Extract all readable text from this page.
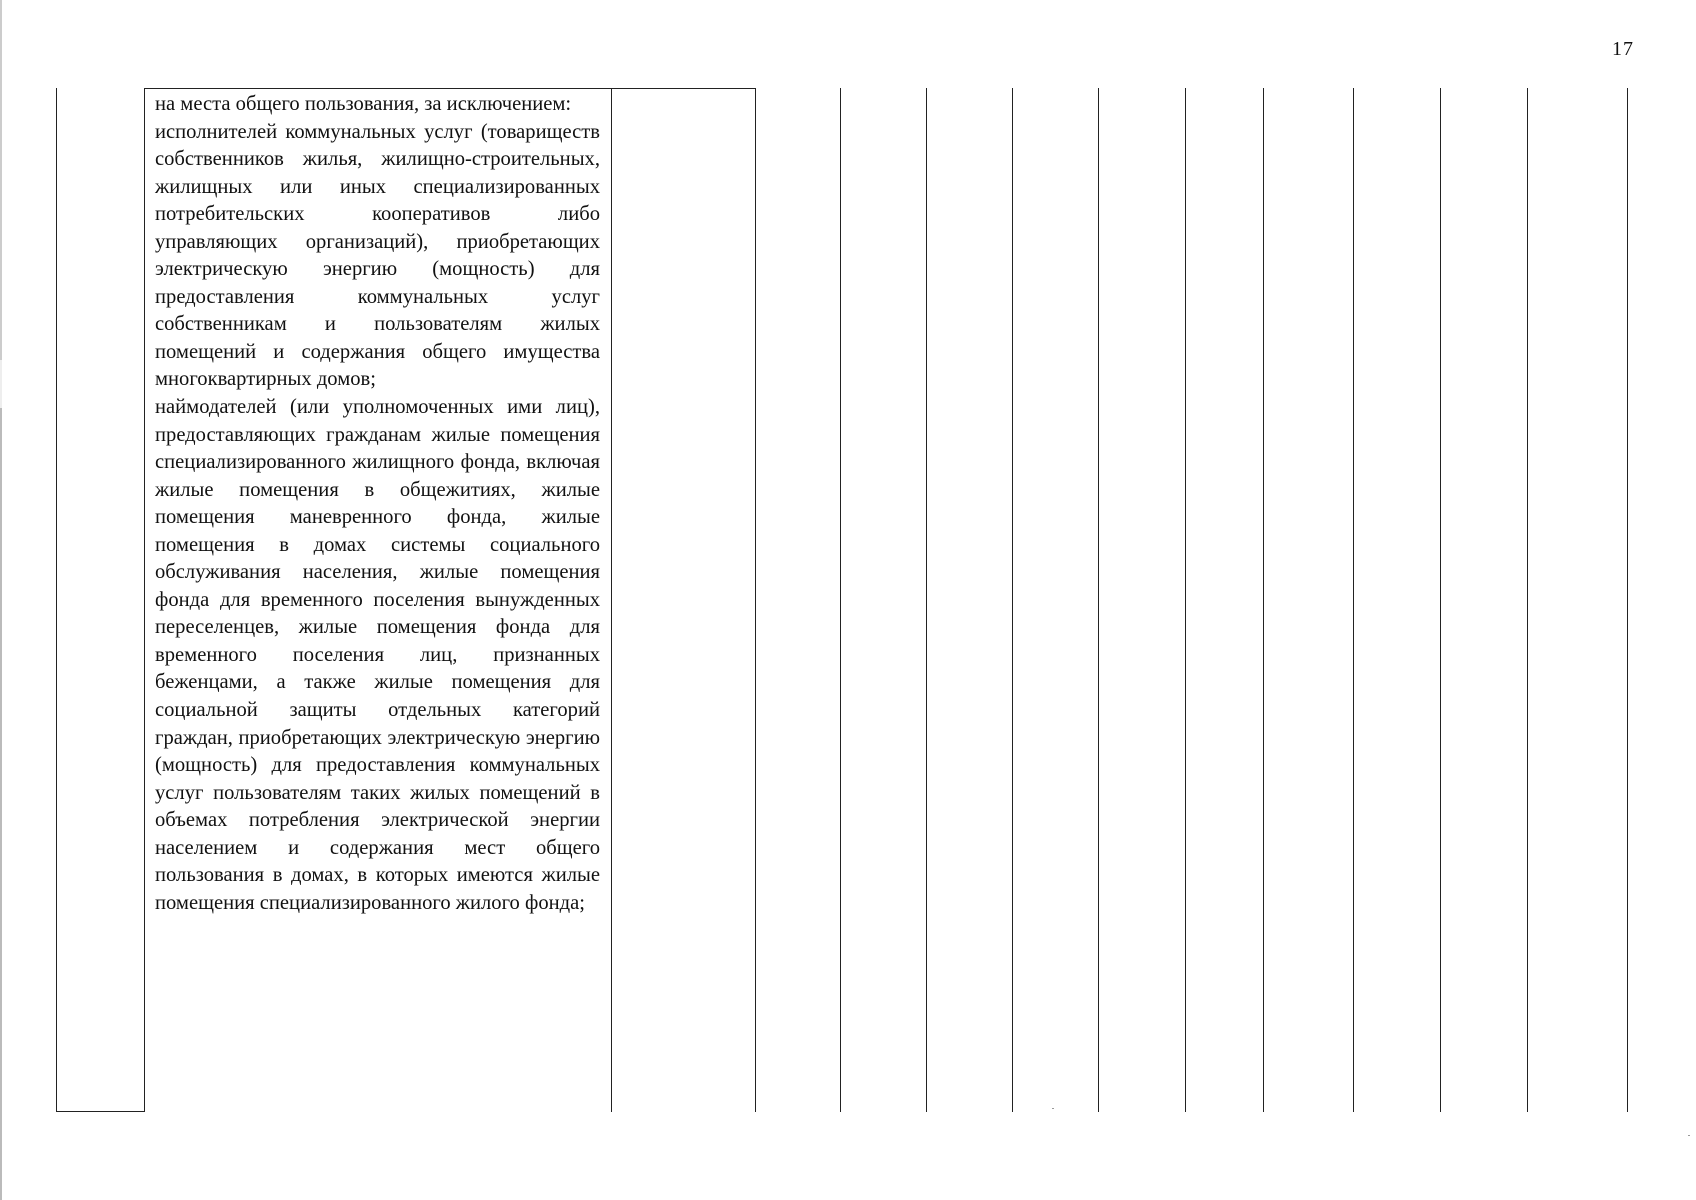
17

на места общего пользования, за исключением:

исполнителей коммунальных услуг (товариществ собственников жилья, жилищно-строительных, жилищных или иных специализированных потребительских кооперативов либо управляющих организаций), приобретающих электрическую энергию (мощность) для предоставления коммунальных услуг собственникам и пользователям жилых помещений и содержания общего имущества многоквартирных домов;

наймодателей (или уполномоченных ими лиц), предоставляющих гражданам жилые помещения специализированного жилищного фонда, включая жилые помещения в общежитиях, жилые помещения маневренного фонда, жилые помещения в домах системы социального обслуживания населения, жилые помещения фонда для временного поселения вынужденных переселенцев, жилые помещения фонда для временного поселения лиц, признанных беженцами, а также жилые помещения для социальной защиты отдельных категорий граждан, приобретающих электрическую энергию (мощность) для предоставления коммунальных услуг пользователям таких жилых помещений в объемах потребления электрической энергии населением и содержания мест общего пользования в домах, в которых имеются жилые помещения специализированного жилого фонда;
